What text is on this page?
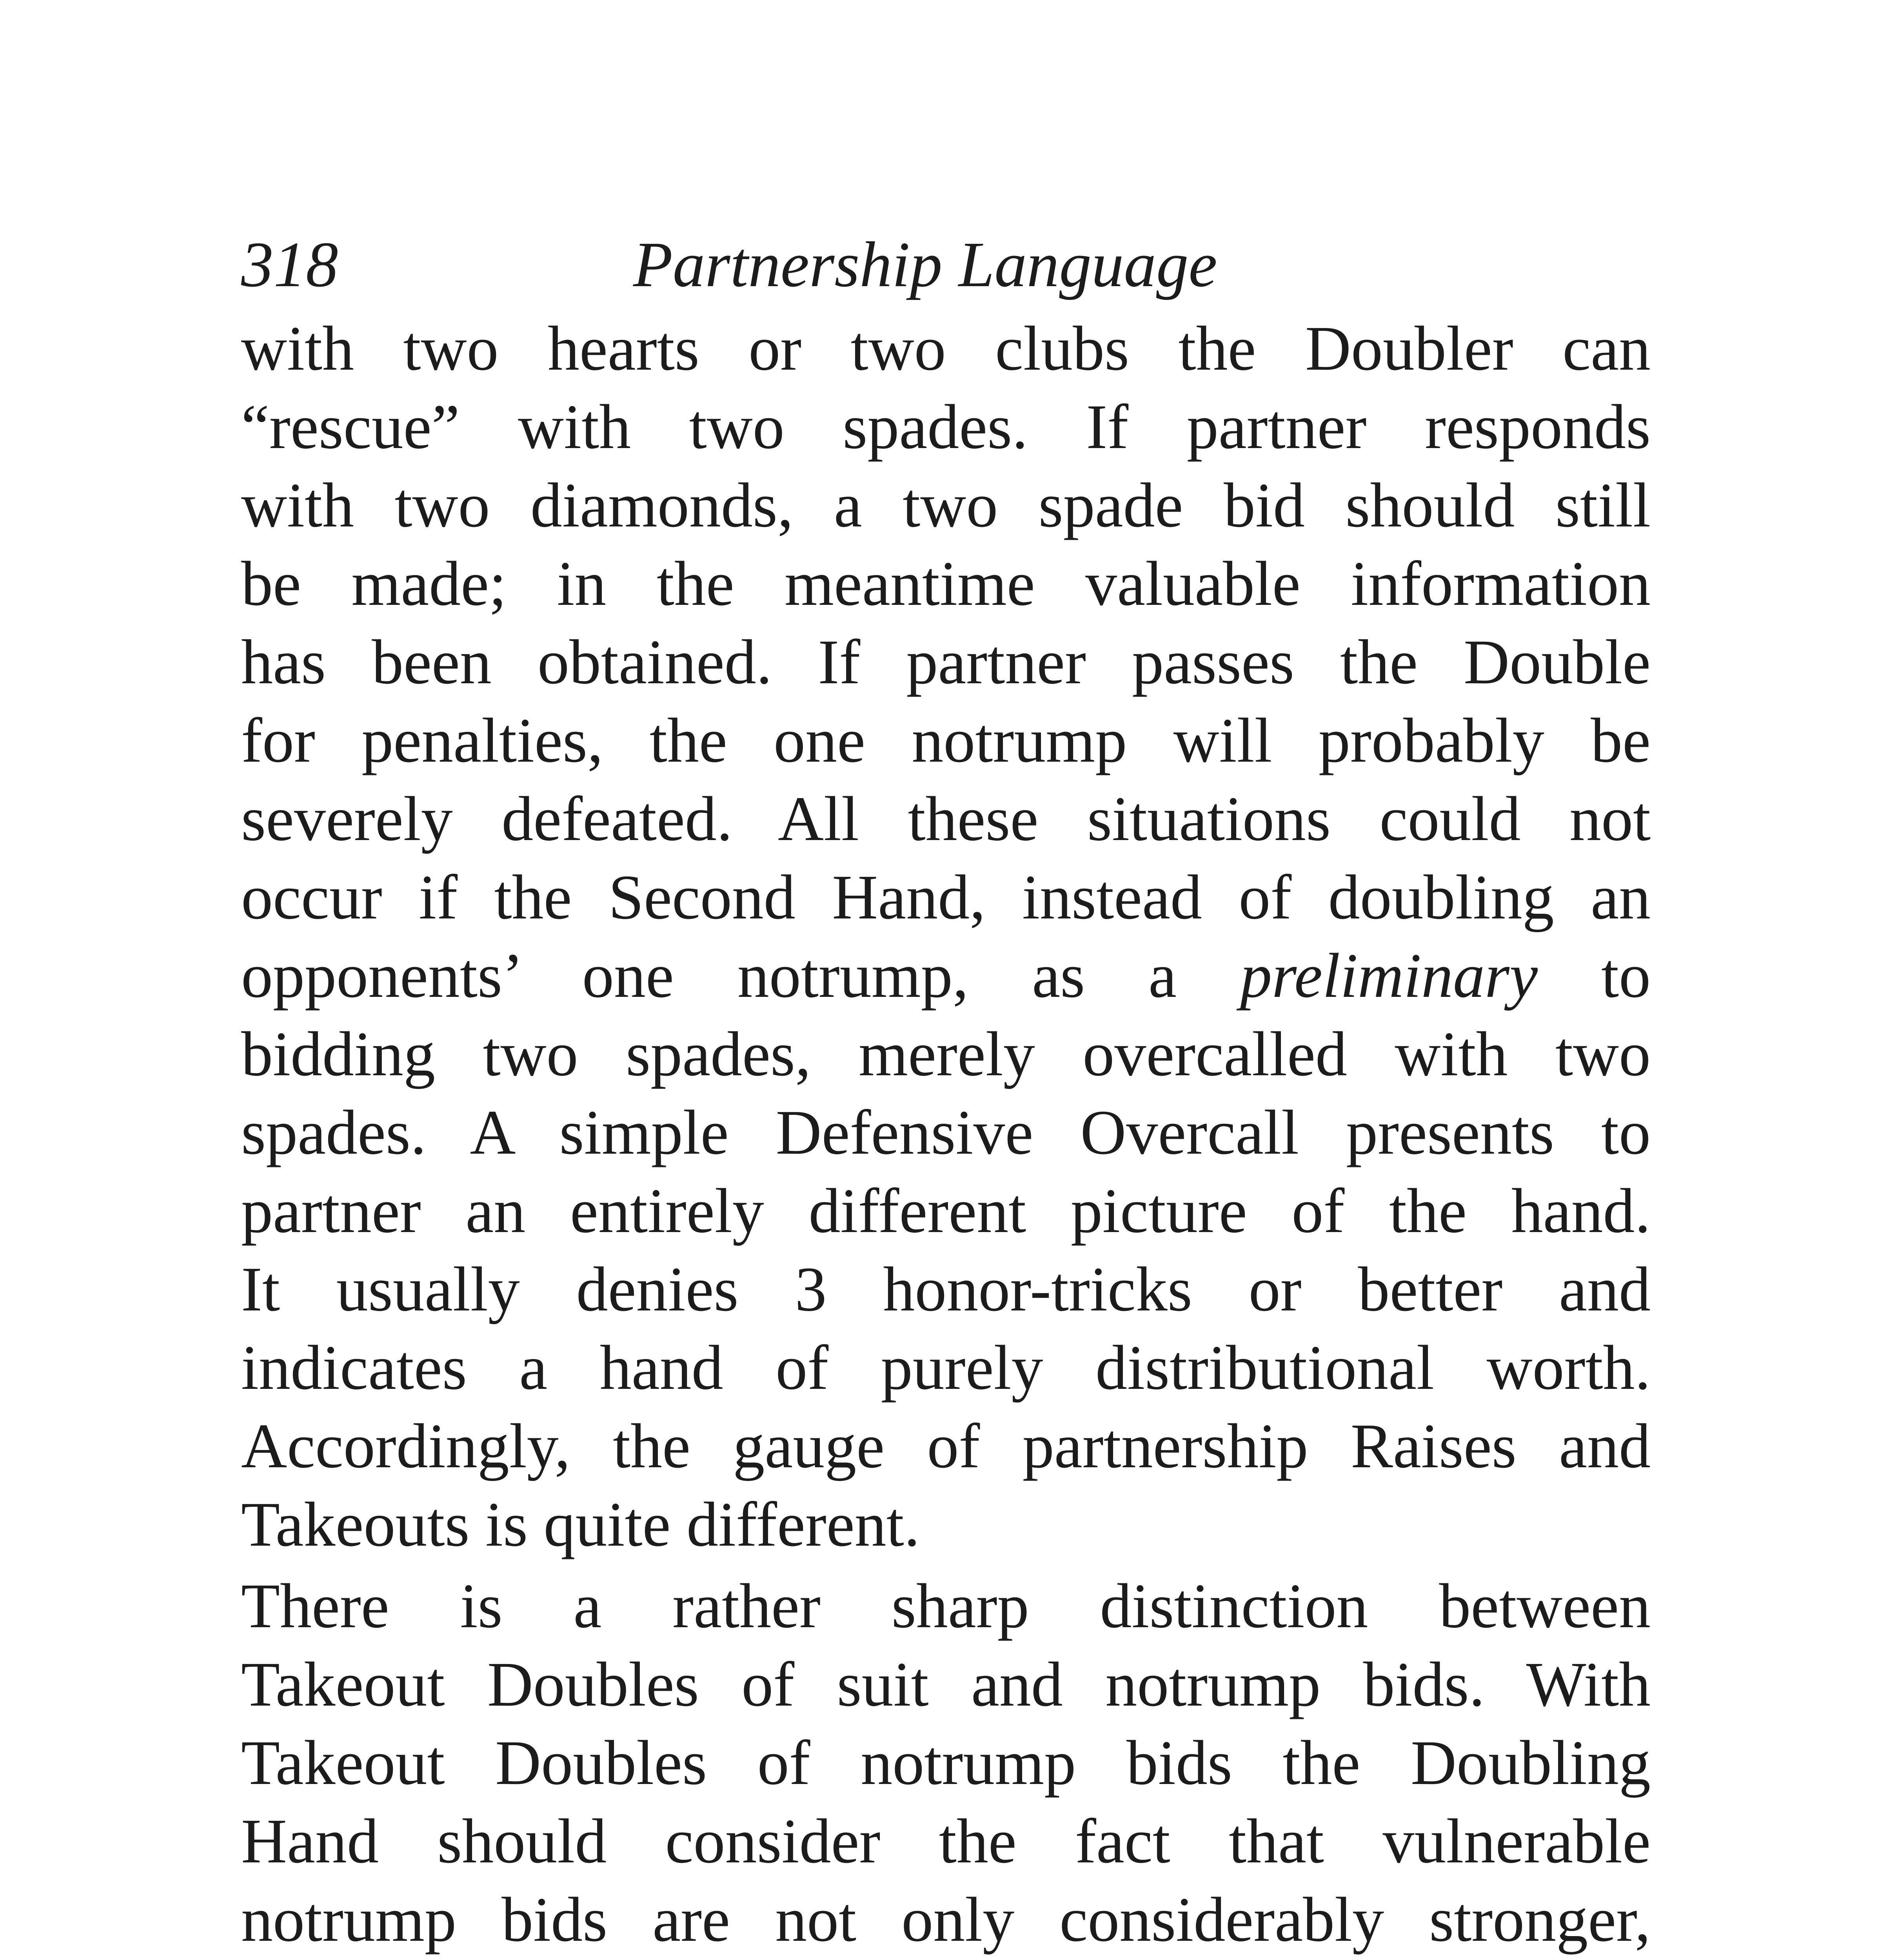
318	Partnership Language
with two hearts or two clubs the Doubler can
“rescue” with two spades. If partner responds
with two diamonds, a two spade bid should still
be made; in the meantime valuable information
has been obtained. If partner passes the Double
for penalties, the one notrump will probably be
severely defeated. All these situations could not
occur if the Second Hand, instead of doubling an
opponents’ one notrump, as a preliminary to
bidding two spades, merely overcalled with two
spades. A simple Defensive Overcall presents to
partner an entirely different picture of the hand.
It usually denies 3 honor-tricks or better and
indicates a hand of purely distributional worth.
Accordingly, the gauge of partnership Raises and
Takeouts is quite different.
There is a rather sharp distinction between
Takeout Doubles of suit and notrump bids. With
Takeout Doubles of notrump bids the Doubling
Hand should consider the fact that vulnerable
notrump bids are not only considerably stronger,
